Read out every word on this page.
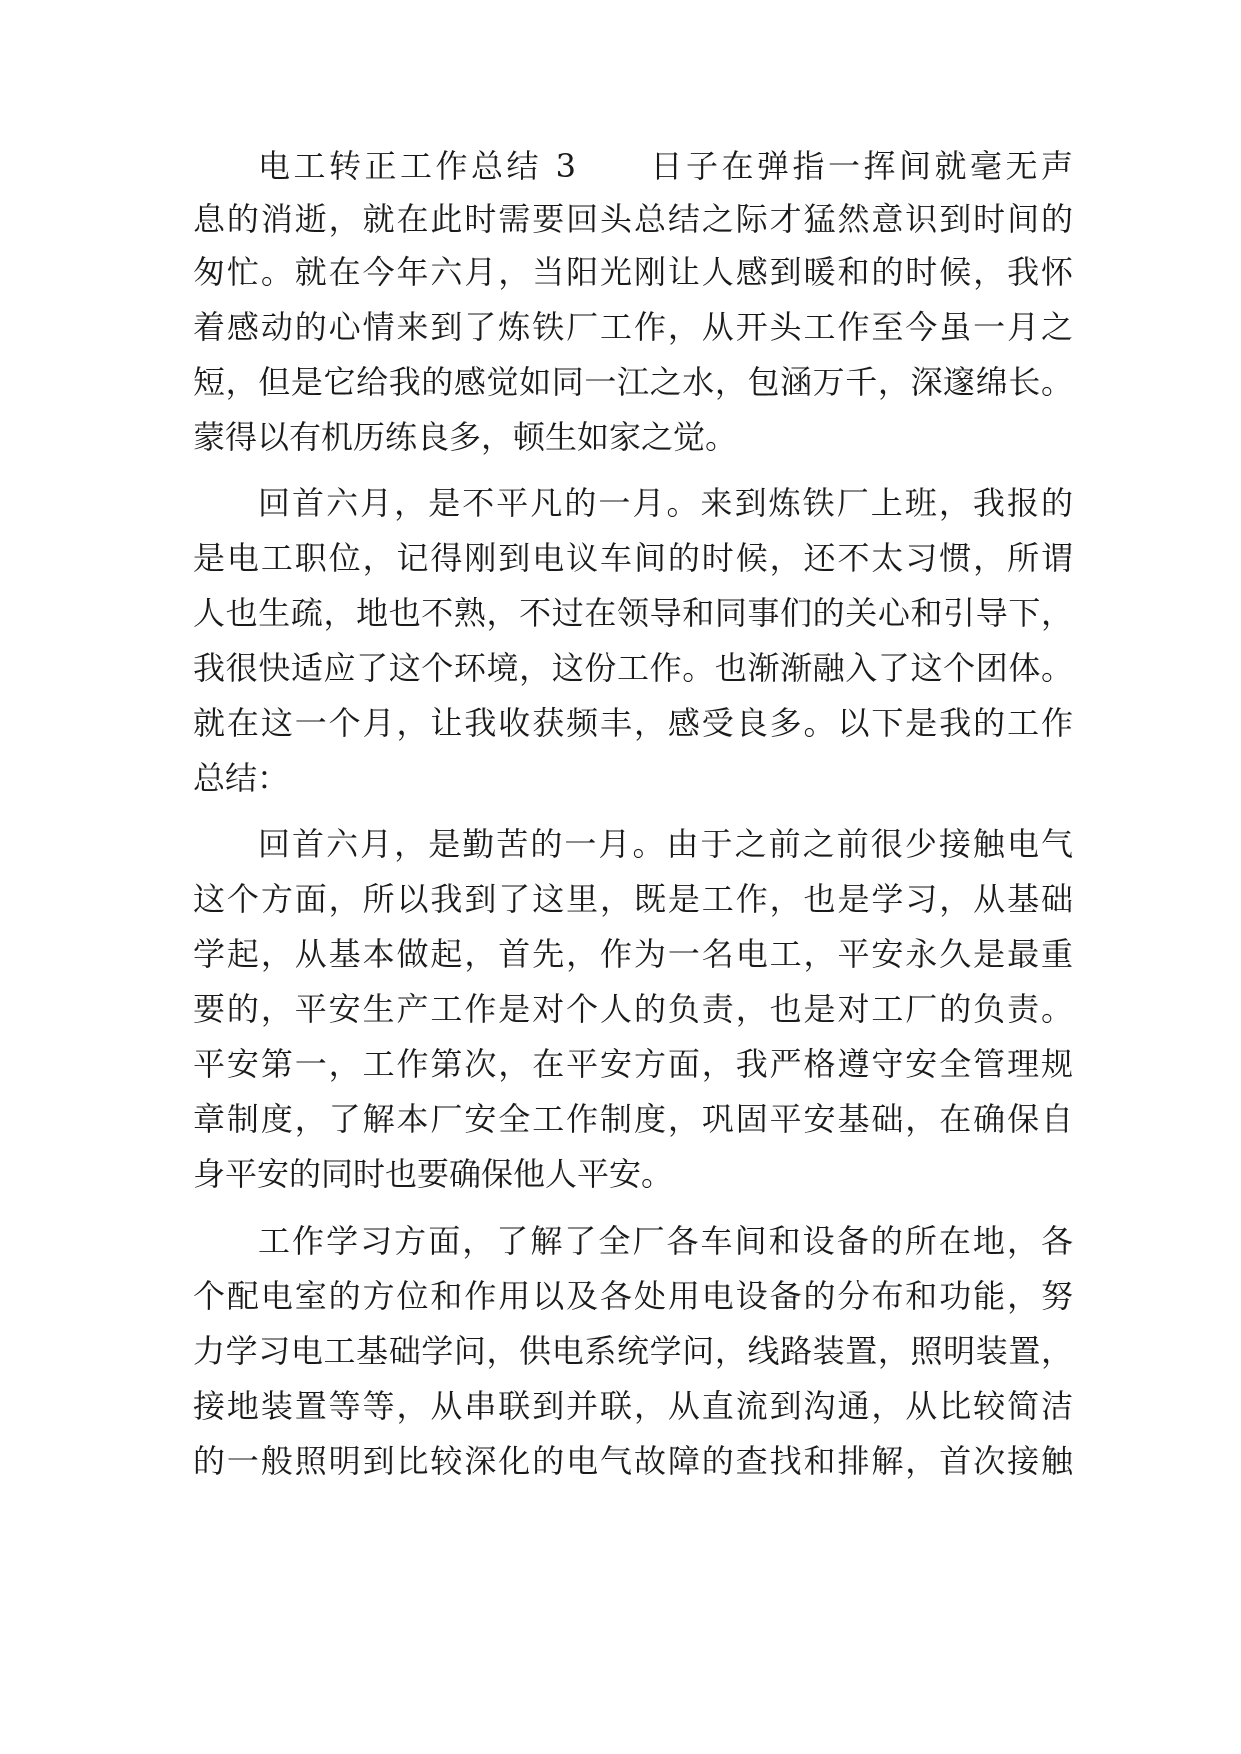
电工转正工作总结 3　　日子在弹指一挥间就毫无声

息的消逝，就在此时需要回头总结之际才猛然意识到时间的

匆忙。就在今年六月，当阳光刚让人感到暖和的时候，我怀

着感动的心情来到了炼铁厂工作，从开头工作至今虽一月之

短，但是它给我的感觉如同一江之水，包涵万千，深邃绵长。

蒙得以有机历练良多，顿生如家之觉。

回首六月，是不平凡的一月。来到炼铁厂上班，我报的

是电工职位，记得刚到电议车间的时候，还不太习惯，所谓

人也生疏，地也不熟，不过在领导和同事们的关心和引导下，

我很快适应了这个环境，这份工作。也渐渐融入了这个团体。

就在这一个月，让我收获频丰，感受良多。以下是我的工作

总结：

回首六月，是勤苦的一月。由于之前之前很少接触电气

这个方面，所以我到了这里，既是工作，也是学习，从基础

学起，从基本做起，首先，作为一名电工，平安永久是最重

要的，平安生产工作是对个人的负责，也是对工厂的负责。

平安第一，工作第次，在平安方面，我严格遵守安全管理规

章制度，了解本厂安全工作制度，巩固平安基础，在确保自

身平安的同时也要确保他人平安。

工作学习方面，了解了全厂各车间和设备的所在地，各

个配电室的方位和作用以及各处用电设备的分布和功能，努

力学习电工基础学问，供电系统学问，线路装置，照明装置，

接地装置等等，从串联到并联，从直流到沟通，从比较简洁

的一般照明到比较深化的电气故障的查找和排解，首次接触
